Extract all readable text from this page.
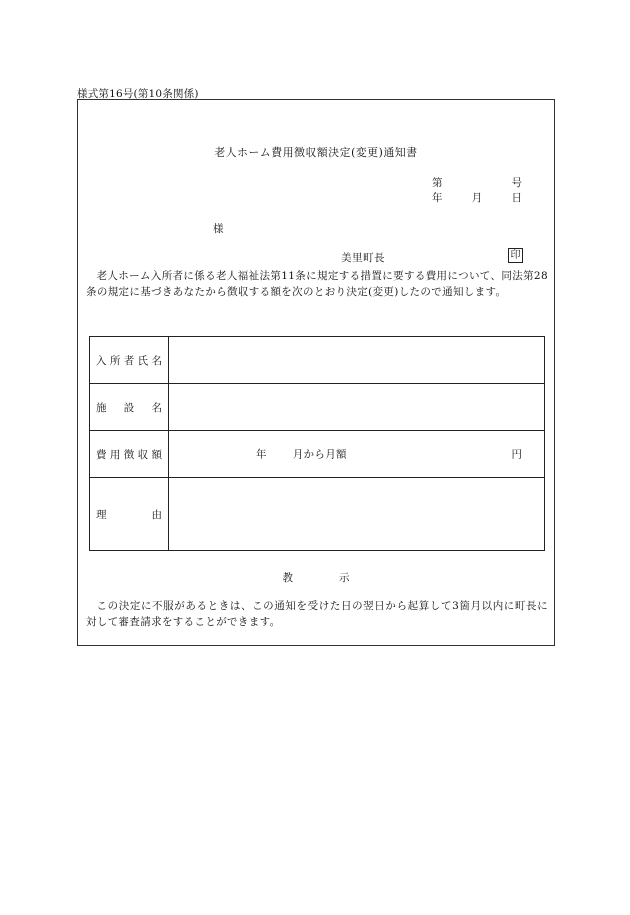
様式第16号(第10条関係)
老人ホーム費用徴収額決定(変更)通知書
第	号
年	月	日
様
美里町長	印
老人ホーム入所者に係る老人福祉法第11条に規定する措置に要する費用について、同法第28条の規定に基づきあなたから徴収する額を次のとおり決定(変更)したので通知します。
入所者氏名	
施設名	
費用徴収額	年 月から月額 円

理由	
教	示
この決定に不服があるときは、この通知を受けた日の翌日から起算して3箇月以内に町長に対して審査請求をすることができます。
